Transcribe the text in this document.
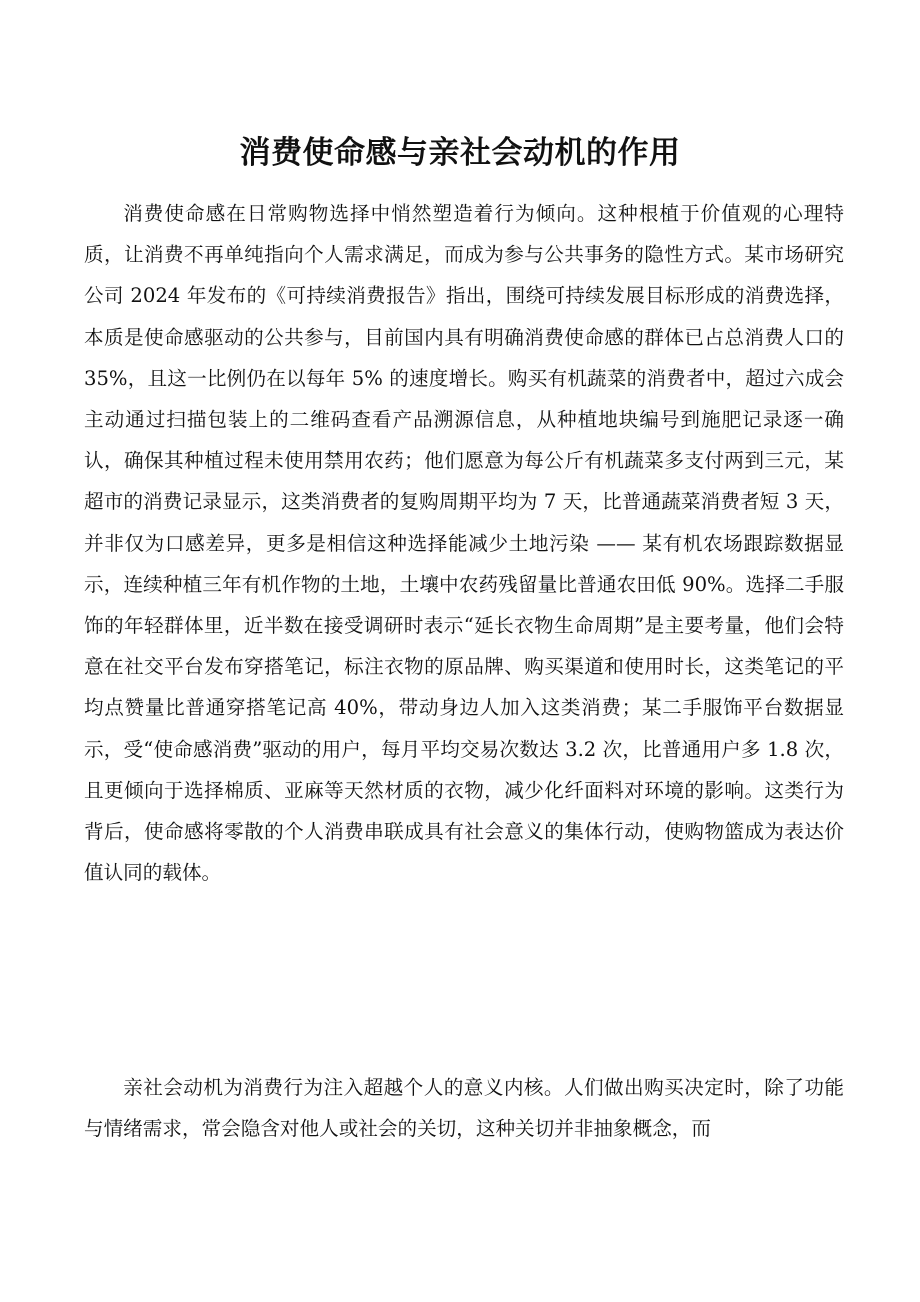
消费使命感与亲社会动机的作用

消费使命感在日常购物选择中悄然塑造着行为倾向。这种根植于价值观的心理特质，让消费不再单纯指向个人需求满足，而成为参与公共事务的隐性方式。某市场研究公司 2024 年发布的《可持续消费报告》指出，围绕可持续发展目标形成的消费选择，本质是使命感驱动的公共参与，目前国内具有明确消费使命感的群体已占总消费人口的 35%，且这一比例仍在以每年 5% 的速度增长。购买有机蔬菜的消费者中，超过六成会主动通过扫描包装上的二维码查看产品溯源信息，从种植地块编号到施肥记录逐一确认，确保其种植过程未使用禁用农药；他们愿意为每公斤有机蔬菜多支付两到三元，某超市的消费记录显示，这类消费者的复购周期平均为 7 天，比普通蔬菜消费者短 3 天，并非仅为口感差异，更多是相信这种选择能减少土地污染 —— 某有机农场跟踪数据显示，连续种植三年有机作物的土地，土壤中农药残留量比普通农田低 90%。选择二手服饰的年轻群体里，近半数在接受调研时表示“延长衣物生命周期”是主要考量，他们会特意在社交平台发布穿搭笔记，标注衣物的原品牌、购买渠道和使用时长，这类笔记的平均点赞量比普通穿搭笔记高 40%，带动身边人加入这类消费；某二手服饰平台数据显示，受“使命感消费”驱动的用户，每月平均交易次数达 3.2 次，比普通用户多 1.8 次，且更倾向于选择棉质、亚麻等天然材质的衣物，减少化纤面料对环境的影响。这类行为背后，使命感将零散的个人消费串联成具有社会意义的集体行动，使购物篮成为表达价值认同的载体。

亲社会动机为消费行为注入超越个人的意义内核。人们做出购买决定时，除了功能与情绪需求，常会隐含对他人或社会的关切，这种关切并非抽象概念，而
